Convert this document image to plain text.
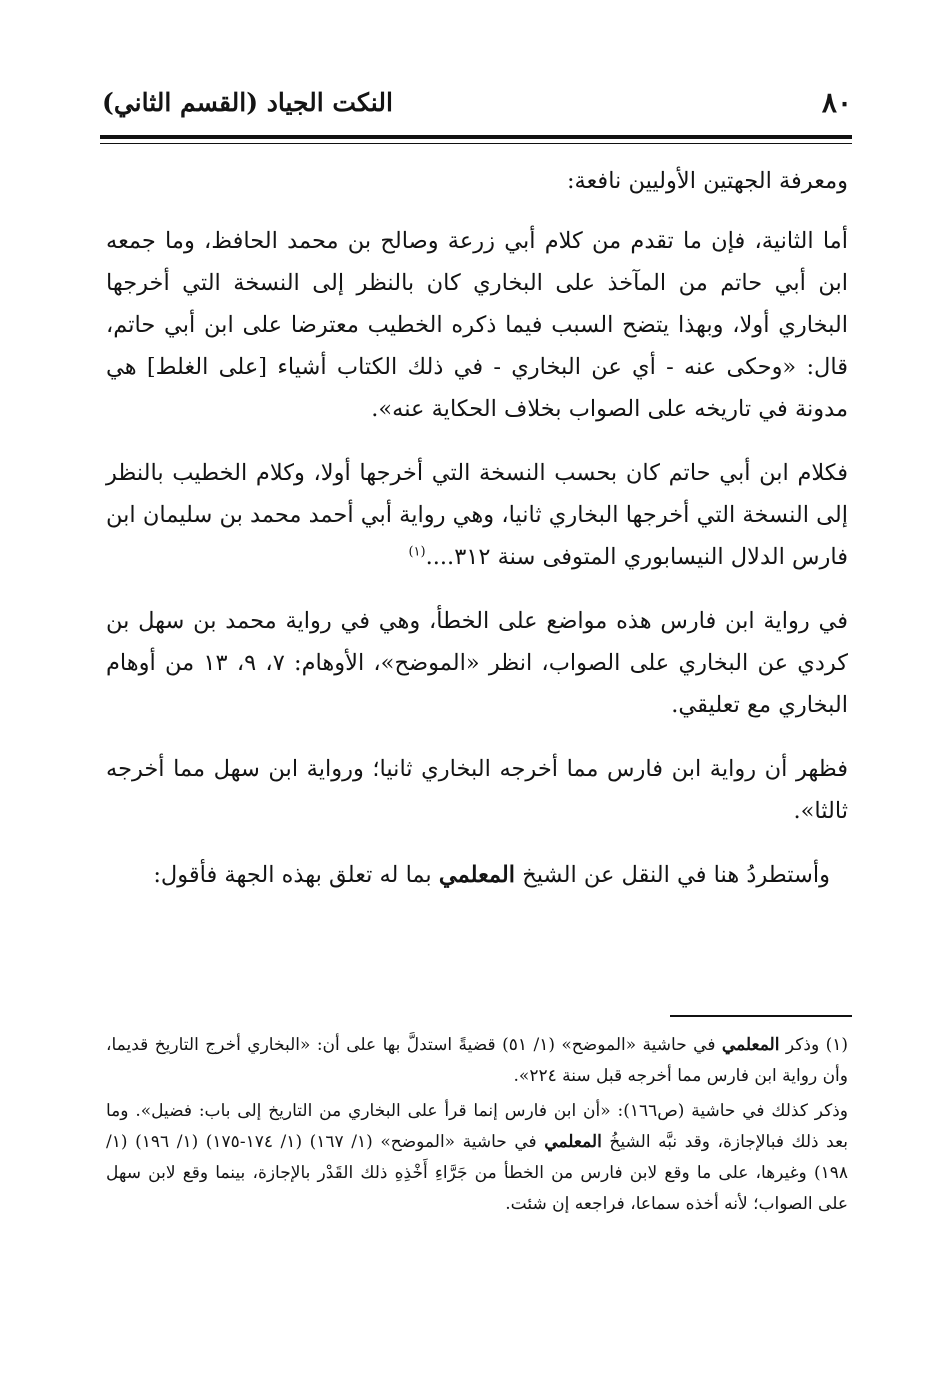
٨٠
النكت الجياد (القسم الثاني)

ومعرفة الجهتين الأوليين نافعة:

أما الثانية، فإن ما تقدم من كلام أبي زرعة وصالح بن محمد الحافظ، وما جمعه ابن أبي حاتم من المآخذ على البخاري كان بالنظر إلى النسخة التي أخرجها البخاري أولا، وبهذا يتضح السبب فيما ذكره الخطيب معترضا على ابن أبي حاتم، قال: «وحكى عنه - أي عن البخاري - في ذلك الكتاب أشياء [على الغلط] هي مدونة في تاريخه على الصواب بخلاف الحكاية عنه».

فكلام ابن أبي حاتم كان بحسب النسخة التي أخرجها أولا، وكلام الخطيب بالنظر إلى النسخة التي أخرجها البخاري ثانيا، وهي رواية أبي أحمد محمد بن سليمان ابن فارس الدلال النيسابوري المتوفى سنة ٣١٢....$^{(١)}$

في رواية ابن فارس هذه مواضع على الخطأ، وهي في رواية محمد بن سهل بن كردي عن البخاري على الصواب، انظر «الموضح»، الأوهام: ٧، ٩، ١٣ من أوهام البخاري مع تعليقي.

فظهر أن رواية ابن فارس مما أخرجه البخاري ثانيا؛ ورواية ابن سهل مما أخرجه ثالثا».

وأستطردُ هنا في النقل عن الشيخ المعلمي بما له تعلق بهذه الجهة فأقول:

(١) وذكر المعلمي في حاشية «الموضح» (١/ ٥١) قضيةً استدلَّ بها على أن: «البخاري أخرج التاريخ قديما، وأن رواية ابن فارس مما أخرجه قبل سنة ٢٢٤».

وذكر كذلك في حاشية (ص١٦٦): «أن ابن فارس إنما قرأ على البخاري من التاريخ إلى باب: فضيل». وما بعد ذلك فبالإجازة، وقد نبَّه الشيخُ المعلمي في حاشية «الموضح» (١/ ١٦٧) (١/ ١٧٤-١٧٥) (١/ ١٩٦) (١/ ١٩٨) وغيرها، على ما وقع لابن فارس من الخطأ من جَرَّاءِ أَخْذِهِ ذلك القَدْر بالإجازة، بينما وقع لابن سهل على الصواب؛ لأنه أخذه سماعا، فراجعه إن شئت.
